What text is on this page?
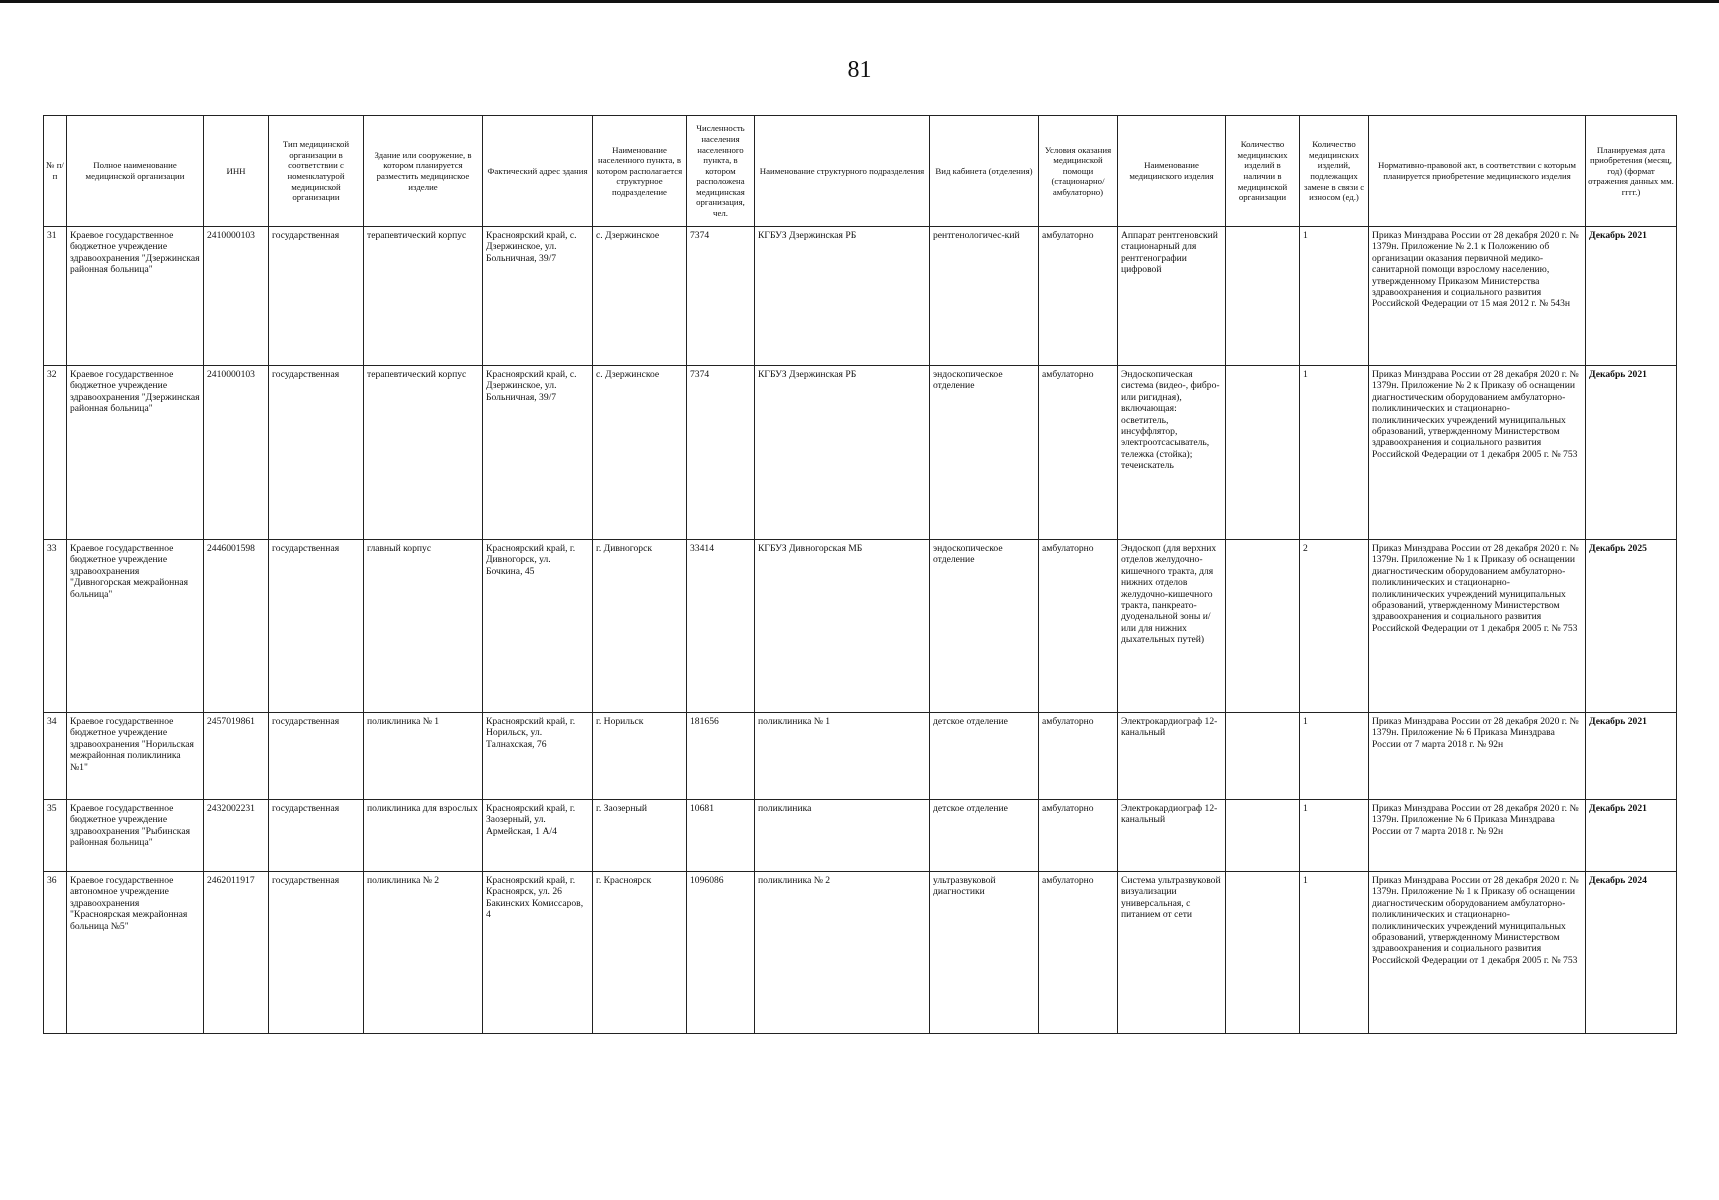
81
№ п/п	Полное наименование медицинской организации	ИНН	Тип медицинской организации в соответствии с номенклатурой медицинской организации	Здание или сооружение, в котором планируется разместить медицинское изделие	Фактический адрес здания	Наименование населенного пункта, в котором располагается структурное подразделение	Численность населения населенного пункта, в котором расположена медицинская организация, чел.	Наименование структурного подразделения	Вид кабинета (отделения)	Условия оказания медицинской помощи (стационарно/ амбулаторно)	Наименование медицинского изделия	Количество медицинских изделий в наличии в медицинской организации	Количество медицинских изделий, подлежащих замене в связи с износом (ед.)	Нормативно-правовой акт, в соответствии с которым планируется приобретение медицинского изделия	Планируемая дата приобретения (месяц, год) (формат отражения данных мм. гггг.)
31	Краевое государственное бюджетное учреждение здравоохранения "Дзержинская районная больница"	2410000103	государственная	терапевтический корпус	Красноярский край, с. Дзержинское, ул. Больничная, 39/7	с. Дзержинское	7374	КГБУЗ Дзержинская РБ	рентгенологичес-кий	амбулаторно	Аппарат рентгеновский стационарный для рентгенографии цифровой		1	Приказ Минздрава России от 28 декабря 2020 г. № 1379н. Приложение № 2.1 к Положению об организации оказания первичной медико-санитарной помощи взрослому населению, утвержденному Приказом Министерства здравоохранения и социального развития Российской Федерации от 15 мая 2012 г. № 543н	Декабрь 2021
32	Краевое государственное бюджетное учреждение здравоохранения "Дзержинская районная больница"	2410000103	государственная	терапевтический корпус	Красноярский край, с. Дзержинское, ул. Больничная, 39/7	с. Дзержинское	7374	КГБУЗ Дзержинская РБ	эндоскопическое отделение	амбулаторно	Эндоскопическая система (видео-, фибро- или ригидная), включающая: осветитель, инсуффлятор, электроотсасыватель, тележка (стойка); течеискатель		1	Приказ Минздрава России от 28 декабря 2020 г. № 1379н. Приложение № 2 к Приказу об оснащении диагностическим оборудованием амбулаторно-поликлинических и стационарно-поликлинических учреждений муниципальных образований, утвержденному Министерством здравоохранения и социального развития Российской Федерации от 1 декабря 2005 г. № 753	Декабрь 2021
33	Краевое государственное бюджетное учреждение здравоохранения "Дивногорская межрайонная больница"	2446001598	государственная	главный корпус	Красноярский край, г. Дивногорск, ул. Бочкина, 45	г. Дивногорск	33414	КГБУЗ Дивногорская МБ	эндоскопическое отделение	амбулаторно	Эндоскоп (для верхних отделов желудочно-кишечного тракта, для нижних отделов желудочно-кишечного тракта, панкреато-дуоденальной зоны и/или для нижних дыхательных путей)		2	Приказ Минздрава России от 28 декабря 2020 г. № 1379н. Приложение № 1 к Приказу об оснащении диагностическим оборудованием амбулаторно-поликлинических и стационарно-поликлинических учреждений муниципальных образований, утвержденному Министерством здравоохранения и социального развития Российской Федерации от 1 декабря 2005 г. № 753	Декабрь 2025
34	Краевое государственное бюджетное учреждение здравоохранения "Норильская межрайонная поликлиника №1"	2457019861	государственная	поликлиника № 1	Красноярский край, г. Норильск, ул. Талнахская, 76	г. Норильск	181656	поликлиника № 1	детское отделение	амбулаторно	Электрокардиограф 12-канальный		1	Приказ Минздрава России от 28 декабря 2020 г. № 1379н. Приложение № 6 Приказа Минздрава России от 7 марта 2018 г. № 92н	Декабрь 2021
35	Краевое государственное бюджетное учреждение здравоохранения "Рыбинская районная больница"	2432002231	государственная	поликлиника для взрослых	Красноярский край, г. Заозерный, ул. Армейская, 1 А/4	г. Заозерный	10681	поликлиника	детское отделение	амбулаторно	Электрокардиограф 12-канальный		1	Приказ Минздрава России от 28 декабря 2020 г. № 1379н. Приложение № 6 Приказа Минздрава России от 7 марта 2018 г. № 92н	Декабрь 2021
36	Краевое государственное автономное учреждение здравоохранения "Красноярская межрайонная больница №5"	2462011917	государственная	поликлиника № 2	Красноярский край, г. Красноярск, ул. 26 Бакинских Комиссаров, 4	г. Красноярск	1096086	поликлиника № 2	ультразвуковой диагностики	амбулаторно	Система ультразвуковой визуализации универсальная, с питанием от сети		1	Приказ Минздрава России от 28 декабря 2020 г. № 1379н. Приложение № 1 к Приказу об оснащении диагностическим оборудованием амбулаторно-поликлинических и стационарно-поликлинических учреждений муниципальных образований, утвержденному Министерством здравоохранения и социального развития Российской Федерации от 1 декабря 2005 г. № 753	Декабрь 2024
